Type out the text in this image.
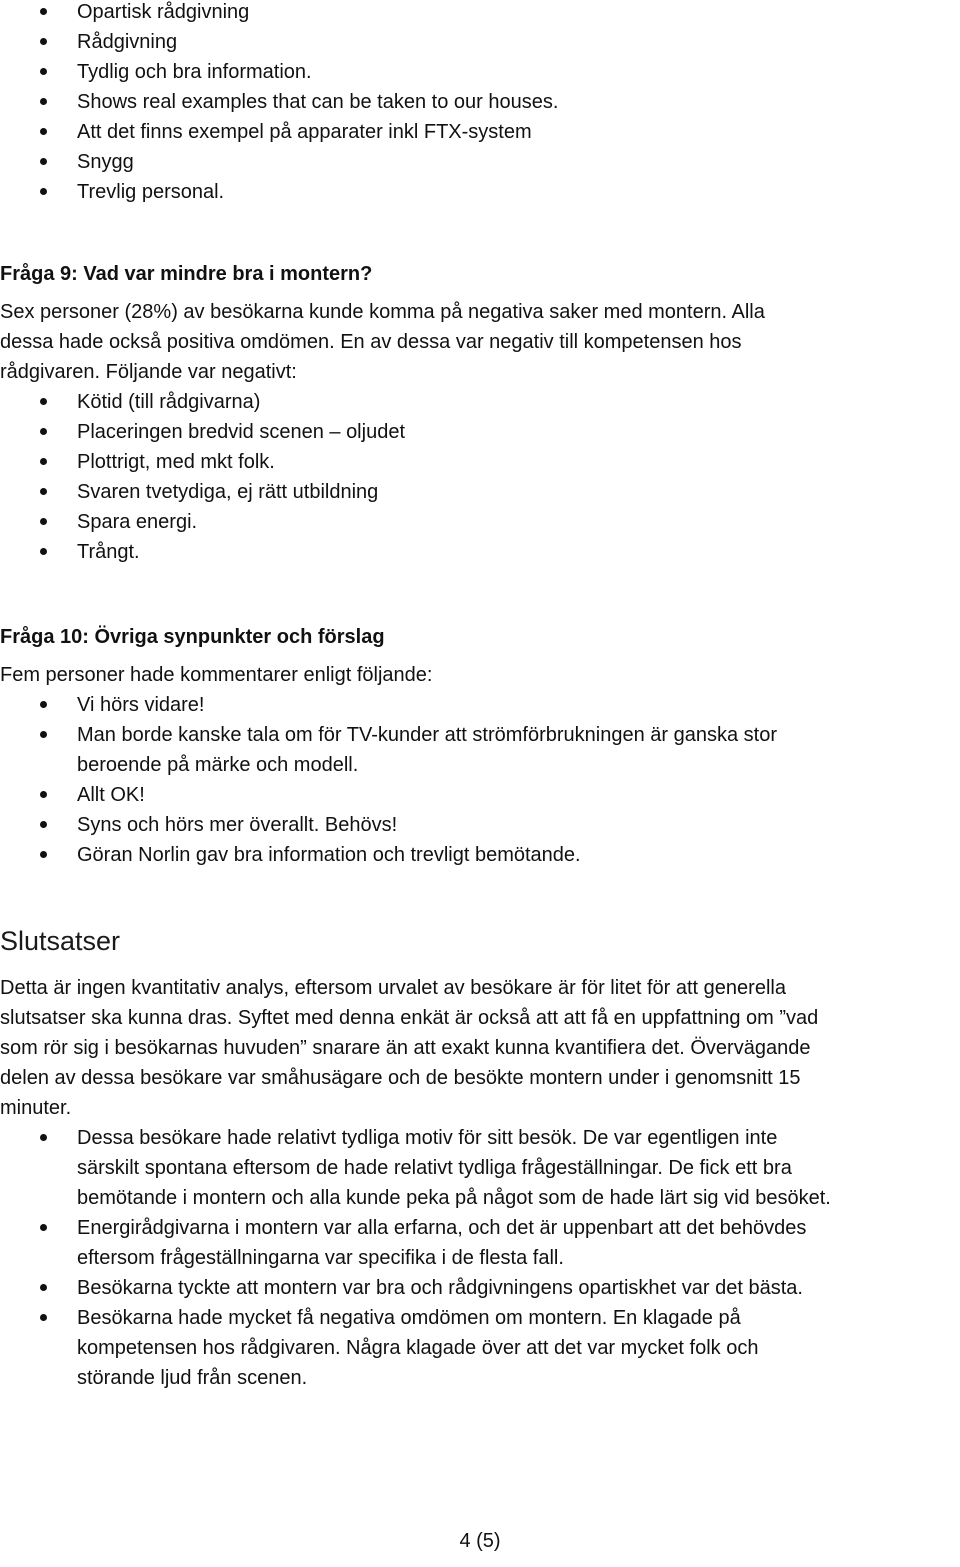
Opartisk rådgivning
Rådgivning
Tydlig och bra information.
Shows real examples that can be taken to our houses.
Att det finns exempel på apparater inkl FTX-system
Snygg
Trevlig personal.
Fråga 9: Vad var mindre bra i montern?

Sex personer (28%) av besökarna kunde komma på negativa saker med montern. Alla

dessa hade också positiva omdömen. En av dessa var negativ till kompetensen hos

rådgivaren. Följande var negativt:

Kötid (till rådgivarna)
Placeringen bredvid scenen – oljudet
Plottrigt, med mkt folk.
Svaren tvetydiga, ej rätt utbildning
Spara energi.
Trångt.
Fråga 10: Övriga synpunkter och förslag

Fem personer hade kommentarer enligt följande:

Vi hörs vidare!
Man borde kanske tala om för TV-kunder att strömförbrukningen är ganska stor
beroende på märke och modell.
Allt OK!
Syns och hörs mer överallt. Behövs!
Göran Norlin gav bra information och trevligt bemötande.
Slutsatser

Detta är ingen kvantitativ analys, eftersom urvalet av besökare är för litet för att generella

slutsatser ska kunna dras. Syftet med denna enkät är också att att få en uppfattning om ”vad

som rör sig i besökarnas huvuden” snarare än att exakt kunna kvantifiera det. Övervägande

delen av dessa besökare var småhusägare och de besökte montern under i genomsnitt 15

minuter.

Dessa besökare hade relativt tydliga motiv för sitt besök. De var egentligen inte
särskilt spontana eftersom de hade relativt tydliga frågeställningar. De fick ett bra
bemötande i montern och alla kunde peka på något som de hade lärt sig vid besöket.
Energirådgivarna i montern var alla erfarna, och det är uppenbart att det behövdes
eftersom frågeställningarna var specifika i de flesta fall.
Besökarna tyckte att montern var bra och rådgivningens opartiskhet var det bästa.
Besökarna hade mycket få negativa omdömen om montern. En klagade på
kompetensen hos rådgivaren. Några klagade över att det var mycket folk och
störande ljud från scenen.
4 (5)
